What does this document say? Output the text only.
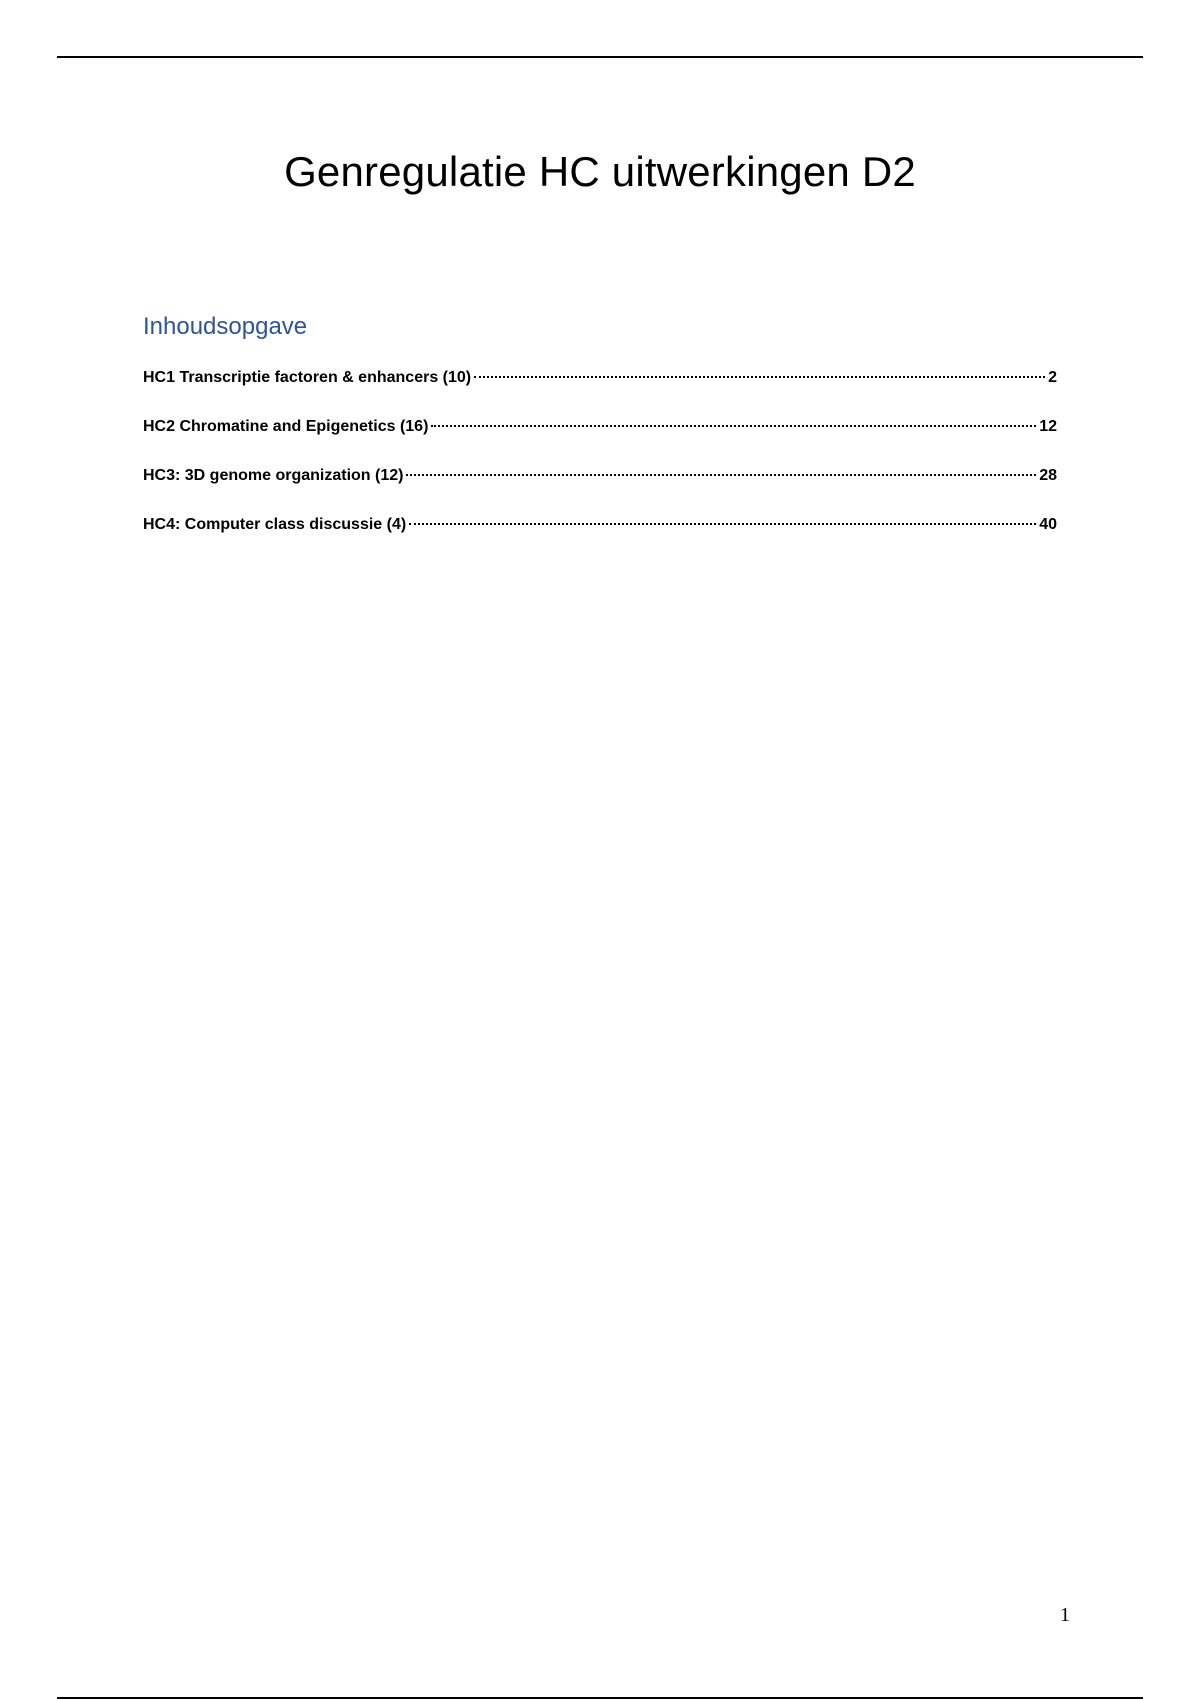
Genregulatie HC uitwerkingen D2
Inhoudsopgave
HC1 Transcriptie factoren & enhancers (10)	2
HC2 Chromatine and Epigenetics (16)	12
HC3: 3D genome organization (12)	28
HC4: Computer class discussie (4)	40
1
